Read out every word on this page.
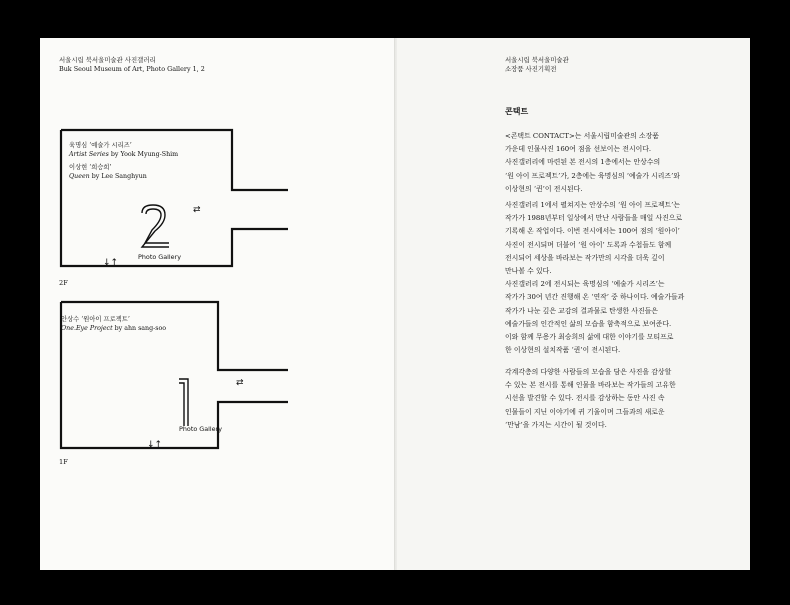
서울시립 북서울미술관 사진갤러리
Buk Seoul Museum of Art, Photo Gallery 1, 2
육명심 ‘예술가 시리즈’
Artist Series by Yook Myung-Shim
이상현 ‘희승희’
Queen by Lee Sanghyun
Photo Gallery
⇄
↓↑
2F
안상수 ‘원아이 프로젝트’
One.Eye Project by ahn sang-soo
Photo Gallery
⇄
↓↑
1F
서울시립 북서울미술관
소장품 사진기획전
콘택트

<콘택트 CONTACT>는 서울시립미술관의 소장품

가운데 인물사진 160여 점을 선보이는 전시이다.

사진갤러리에 마련된 본 전시의 1층에서는 안상수의

‘원 아이 프로젝트’가, 2층에는 육명심의 ‘예술가 시리즈’와

이상현의 ‘퀸’이 전시된다.

사진갤러리 1에서 펼쳐지는 안상수의 ‘원 아이 프로젝트’는

작가가 1988년부터 일상에서 만난 사람들을 매일 사진으로

기록해 온 작업이다. 이번 전시에서는 100여 점의 ‘원아이’

사진이 전시되며 더불어 ‘원 아이’ 도록과 수첩들도 함께

전시되어 세상을 바라보는 작가만의 시각을 더욱 깊이

만나볼 수 있다.

사진갤러리 2에 전시되는 육명심의 ‘예술가 시리즈’는

작가가 30여 년간 진행해 온 ‘연작’ 중 하나이다. 예술가들과

작가가 나눈 깊은 교감의 결과물로 탄생한 사진들은

예술가들의 인간적인 삶의 모습을 함축적으로 보여준다.

이와 함께 무용가 최승희의 삶에 대한 이야기를 모티프로

한 이상현의 설치작품 ‘퀸’이 전시된다.

각계각층의 다양한 사람들의 모습을 담은 사진을 감상할

수 있는 본 전시를 통해 인물을 바라보는 작가들의 고유한

시선을 발견할 수 있다. 전시를 감상하는 동안 사진 속

인물들이 지닌 이야기에 귀 기울이며 그들과의 새로운

‘만남’을 가지는 시간이 될 것이다.
